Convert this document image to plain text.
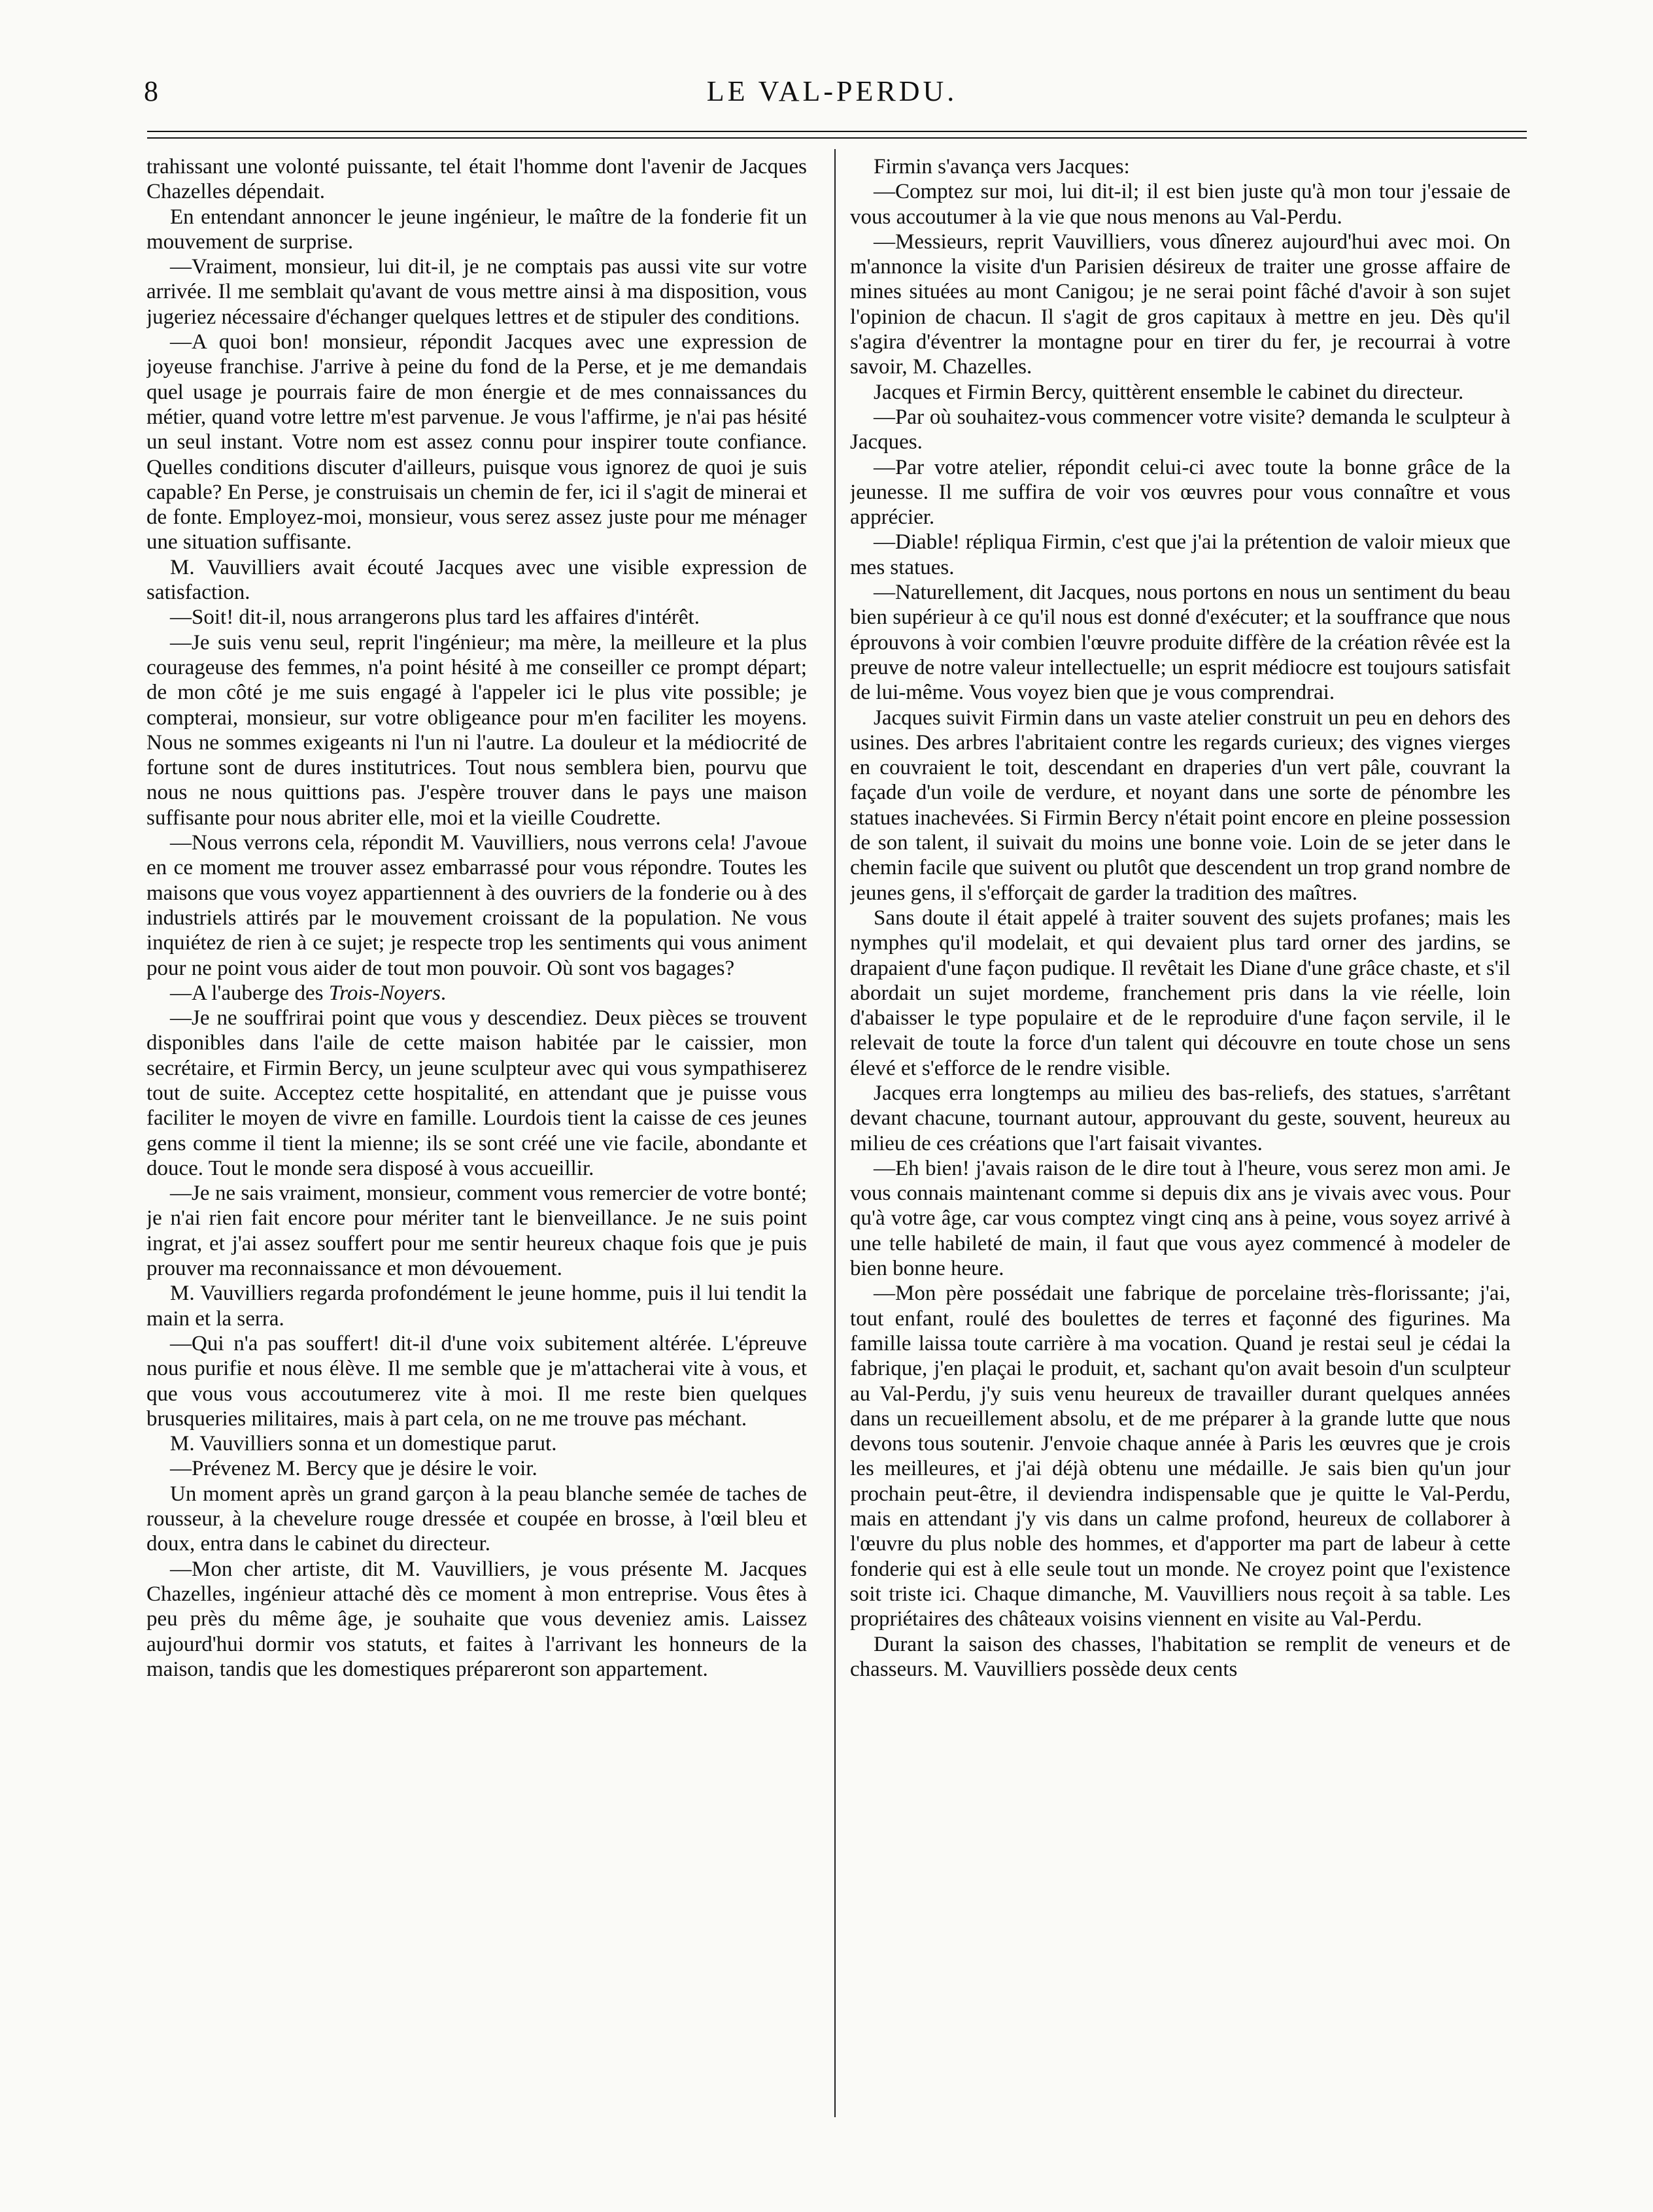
8	LE VAL-PERDU.

trahissant une volonté puissante, tel était l'homme dont l'avenir de Jacques Chazelles dépendait.

En entendant annoncer le jeune ingénieur, le maître de la fonderie fit un mouvement de surprise.

—Vraiment, monsieur, lui dit-il, je ne comptais pas aussi vite sur votre arrivée. Il me semblait qu'avant de vous mettre ainsi à ma disposition, vous jugeriez nécessaire d'échanger quelques lettres et de stipuler des conditions.

—A quoi bon! monsieur, répondit Jacques avec une expression de joyeuse franchise. J'arrive à peine du fond de la Perse, et je me demandais quel usage je pourrais faire de mon énergie et de mes connaissances du métier, quand votre lettre m'est parvenue. Je vous l'affirme, je n'ai pas hésité un seul instant. Votre nom est assez connu pour inspirer toute confiance. Quelles conditions discuter d'ailleurs, puisque vous ignorez de quoi je suis capable? En Perse, je construisais un chemin de fer, ici il s'agit de minerai et de fonte. Employez-moi, monsieur, vous serez assez juste pour me ménager une situation suffisante.

M. Vauvilliers avait écouté Jacques avec une visible expression de satisfaction.

—Soit! dit-il, nous arrangerons plus tard les affaires d'intérêt.

—Je suis venu seul, reprit l'ingénieur; ma mère, la meilleure et la plus courageuse des femmes, n'a point hésité à me conseiller ce prompt départ; de mon côté je me suis engagé à l'appeler ici le plus vite possible; je compterai, monsieur, sur votre obligeance pour m'en faciliter les moyens. Nous ne sommes exigeants ni l'un ni l'autre. La douleur et la médiocrité de fortune sont de dures institutrices. Tout nous semblera bien, pourvu que nous ne nous quittions pas. J'espère trouver dans le pays une maison suffisante pour nous abriter elle, moi et la vieille Coudrette.

—Nous verrons cela, répondit M. Vauvilliers, nous verrons cela! J'avoue en ce moment me trouver assez embarrassé pour vous répondre. Toutes les maisons que vous voyez appartiennent à des ouvriers de la fonderie ou à des industriels attirés par le mouvement croissant de la population. Ne vous inquiétez de rien à ce sujet; je respecte trop les sentiments qui vous animent pour ne point vous aider de tout mon pouvoir. Où sont vos bagages?

—A l'auberge des Trois-Noyers.

—Je ne souffrirai point que vous y descendiez. Deux pièces se trouvent disponibles dans l'aile de cette maison habitée par le caissier, mon secrétaire, et Firmin Bercy, un jeune sculpteur avec qui vous sympathiserez tout de suite. Acceptez cette hospitalité, en attendant que je puisse vous faciliter le moyen de vivre en famille. Lourdois tient la caisse de ces jeunes gens comme il tient la mienne; ils se sont créé une vie facile, abondante et douce. Tout le monde sera disposé à vous accueillir.

—Je ne sais vraiment, monsieur, comment vous remercier de votre bonté; je n'ai rien fait encore pour mériter tant le bienveillance. Je ne suis point ingrat, et j'ai assez souffert pour me sentir heureux chaque fois que je puis prouver ma reconnaissance et mon dévouement.

M. Vauvilliers regarda profondément le jeune homme, puis il lui tendit la main et la serra.

—Qui n'a pas souffert! dit-il d'une voix subitement altérée. L'épreuve nous purifie et nous élève. Il me semble que je m'attacherai vite à vous, et que vous vous accoutumerez vite à moi. Il me reste bien quelques brusqueries militaires, mais à part cela, on ne me trouve pas méchant.

M. Vauvilliers sonna et un domestique parut.

—Prévenez M. Bercy que je désire le voir.

Un moment après un grand garçon à la peau blanche semée de taches de rousseur, à la chevelure rouge dressée et coupée en brosse, à l'œil bleu et doux, entra dans le cabinet du directeur.

—Mon cher artiste, dit M. Vauvilliers, je vous présente M. Jacques Chazelles, ingénieur attaché dès ce moment à mon entreprise. Vous êtes à peu près du même âge, je souhaite que vous deveniez amis. Laissez aujourd'hui dormir vos statuts, et faites à l'arrivant les honneurs de la maison, tandis que les domestiques prépareront son appartement.

Firmin s'avança vers Jacques:

—Comptez sur moi, lui dit-il; il est bien juste qu'à mon tour j'essaie de vous accoutumer à la vie que nous menons au Val-Perdu.

—Messieurs, reprit Vauvilliers, vous dînerez aujourd'hui avec moi. On m'annonce la visite d'un Parisien désireux de traiter une grosse affaire de mines situées au mont Canigou; je ne serai point fâché d'avoir à son sujet l'opinion de chacun. Il s'agit de gros capitaux à mettre en jeu. Dès qu'il s'agira d'éventrer la montagne pour en tirer du fer, je recourrai à votre savoir, M. Chazelles.

Jacques et Firmin Bercy, quittèrent ensemble le cabinet du directeur.

—Par où souhaitez-vous commencer votre visite? demanda le sculpteur à Jacques.

—Par votre atelier, répondit celui-ci avec toute la bonne grâce de la jeunesse. Il me suffira de voir vos œuvres pour vous connaître et vous apprécier.

—Diable! répliqua Firmin, c'est que j'ai la prétention de valoir mieux que mes statues.

—Naturellement, dit Jacques, nous portons en nous un sentiment du beau bien supérieur à ce qu'il nous est donné d'exécuter; et la souffrance que nous éprouvons à voir combien l'œuvre produite diffère de la création rêvée est la preuve de notre valeur intellectuelle; un esprit médiocre est toujours satisfait de lui-même. Vous voyez bien que je vous comprendrai.

Jacques suivit Firmin dans un vaste atelier construit un peu en dehors des usines. Des arbres l'abritaient contre les regards curieux; des vignes vierges en couvraient le toit, descendant en draperies d'un vert pâle, couvrant la façade d'un voile de verdure, et noyant dans une sorte de pénombre les statues inachevées. Si Firmin Bercy n'était point encore en pleine possession de son talent, il suivait du moins une bonne voie. Loin de se jeter dans le chemin facile que suivent ou plutôt que descendent un trop grand nombre de jeunes gens, il s'efforçait de garder la tradition des maîtres.

Sans doute il était appelé à traiter souvent des sujets profanes; mais les nymphes qu'il modelait, et qui devaient plus tard orner des jardins, se drapaient d'une façon pudique. Il revêtait les Diane d'une grâce chaste, et s'il abordait un sujet mordeme, franchement pris dans la vie réelle, loin d'abaisser le type populaire et de le reproduire d'une façon servile, il le relevait de toute la force d'un talent qui découvre en toute chose un sens élevé et s'efforce de le rendre visible.

Jacques erra longtemps au milieu des bas-reliefs, des statues, s'arrêtant devant chacune, tournant autour, approuvant du geste, souvent, heureux au milieu de ces créations que l'art faisait vivantes.

—Eh bien! j'avais raison de le dire tout à l'heure, vous serez mon ami. Je vous connais maintenant comme si depuis dix ans je vivais avec vous. Pour qu'à votre âge, car vous comptez vingt cinq ans à peine, vous soyez arrivé à une telle habileté de main, il faut que vous ayez commencé à modeler de bien bonne heure.

—Mon père possédait une fabrique de porcelaine très-florissante; j'ai, tout enfant, roulé des boulettes de terres et façonné des figurines. Ma famille laissa toute carrière à ma vocation. Quand je restai seul je cédai la fabrique, j'en plaçai le produit, et, sachant qu'on avait besoin d'un sculpteur au Val-Perdu, j'y suis venu heureux de travailler durant quelques années dans un recueillement absolu, et de me préparer à la grande lutte que nous devons tous soutenir. J'envoie chaque année à Paris les œuvres que je crois les meilleures, et j'ai déjà obtenu une médaille. Je sais bien qu'un jour prochain peut-être, il deviendra indispensable que je quitte le Val-Perdu, mais en attendant j'y vis dans un calme profond, heureux de collaborer à l'œuvre du plus noble des hommes, et d'apporter ma part de labeur à cette fonderie qui est à elle seule tout un monde. Ne croyez point que l'existence soit triste ici. Chaque dimanche, M. Vauvilliers nous reçoit à sa table. Les propriétaires des châteaux voisins viennent en visite au Val-Perdu.

Durant la saison des chasses, l'habitation se remplit de veneurs et de chasseurs. M. Vauvilliers possède deux cents
